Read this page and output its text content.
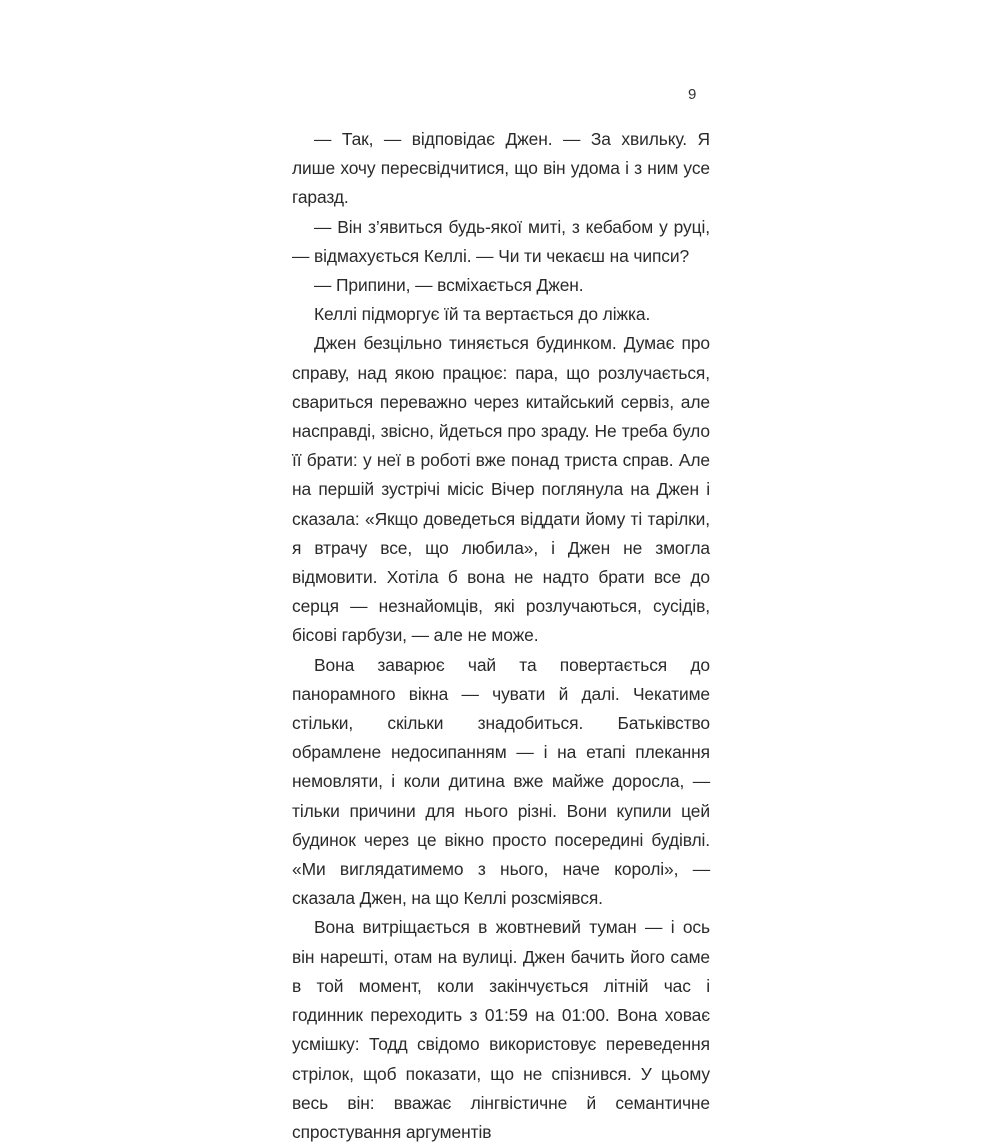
9

— Так, — відповідає Джен. — За хвильку. Я лише хочу пересвідчитися, що він удома і з ним усе гаразд.

— Він з’явиться будь-якої миті, з кебабом у руці, — відмахується Келлі. — Чи ти чекаєш на чипси?

— Припини, — всміхається Джен.

Келлі підморгує їй та вертається до ліжка.

Джен безцільно тиняється будинком. Думає про справу, над якою працює: пара, що розлучається, свариться переважно через китайський сервіз, але насправді, звісно, йдеться про зраду. Не треба було її брати: у неї в роботі вже понад триста справ. Але на першій зустрічі місіс Вічер поглянула на Джен і сказала: «Якщо доведеться віддати йому ті тарілки, я втрачу все, що любила», і Джен не змогла відмовити. Хотіла б вона не надто брати все до серця — незнайомців, які розлучаються, сусідів, бісові гарбузи, — але не може.

Вона заварює чай та повертається до панорамного вікна — чувати й далі. Чекатиме стільки, скільки знадобиться. Батьківство обрамлене недосипанням — і на етапі плекання немовляти, і коли дитина вже майже доросла, — тільки причини для нього різні. Вони купили цей будинок через це вікно просто посередині будівлі. «Ми виглядатимемо з нього, наче королі», — сказала Джен, на що Келлі розсміявся.

Вона витріщається в жовтневий туман — і ось він нарешті, отам на вулиці. Джен бачить його саме в той момент, коли закінчується літній час і годинник переходить з 01:59 на 01:00. Вона ховає усмішку: Тодд свідомо використовує переведення стрілок, щоб показати, що не спізнився. У цьому весь він: вважає лінгвістичне й семантичне спростування аргументів
